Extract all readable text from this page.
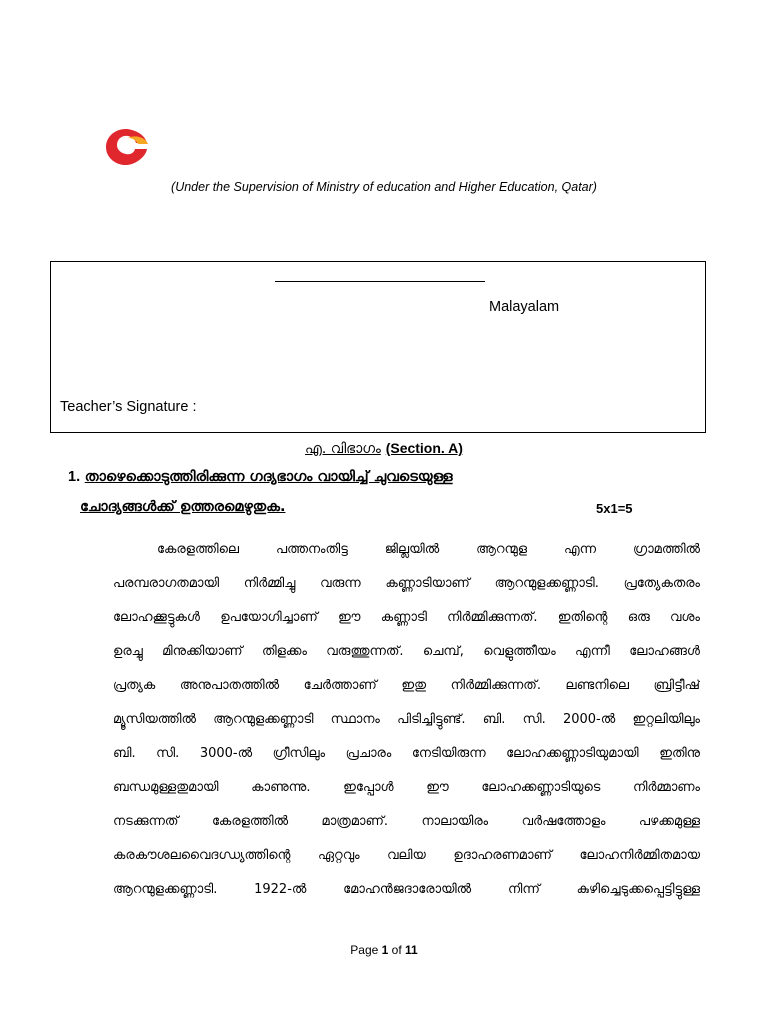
(Under the Supervision of Ministry of education and Higher Education, Qatar)
Malayalam
Teacher’s Signature :
എ. വിഭാഗം (Section. A)
1. താഴെക്കൊടുത്തിരിക്കുന്ന ഗദ്യഭാഗം വായിച്ച് ചുവടെയുള്ള
ചോദ്യങ്ങൾക്ക് ഉത്തരമെഴുതുക.	5x1=5
കേരളത്തിലെ പത്തനംതിട്ട ജില്ലയിൽ ആറന്മുള എന്ന ഗ്രാമത്തിൽ
പരമ്പരാഗതമായി നിർമ്മിച്ചു വരുന്ന കണ്ണാടിയാണ് ആറന്മുളക്കണ്ണാടി. പ്രത്യേകതരം
ലോഹക്കൂട്ടുകൾ ഉപയോഗിച്ചാണ് ഈ കണ്ണാടി നിർമ്മിക്കുന്നത്. ഇതിന്റെ ഒരു വശം
ഉരച്ചു മിനുക്കിയാണ് തിളക്കം വരുത്തുന്നത്. ചെമ്പ്, വെളുത്തീയം എന്നീ ലോഹങ്ങൾ
പ്രത്യക അനുപാതത്തിൽ ചേർത്താണ് ഇതു നിർമ്മിക്കുന്നത്. ലണ്ടനിലെ ബ്രിട്ടീഷ്
മ്യൂസിയത്തിൽ ആറന്മുളക്കണ്ണാടി സ്ഥാനം പിടിച്ചിട്ടുണ്ട്. ബി. സി. 2000-ൽ ഇറ്റലിയിലും
ബി. സി. 3000-ൽ ഗ്രീസിലും പ്രചാരം നേടിയിരുന്ന ലോഹക്കണ്ണാടിയുമായി ഇതിനു
ബന്ധമുള്ളതുമായി കാണുന്നു. ഇപ്പോൾ ഈ ലോഹക്കണ്ണാടിയുടെ നിർമ്മാണം
നടക്കുന്നത് കേരളത്തിൽ മാത്രമാണ്. നാലായിരം വർഷത്തോളം പഴക്കമുള്ള
കരകൗശലവൈദഗ്ധ്യത്തിന്റെ ഏറ്റവും വലിയ ഉദാഹരണമാണ് ലോഹനിർമ്മിതമായ
ആറന്മുളക്കണ്ണാടി. 1922-ൽ മോഹൻജദാരോയിൽ നിന്ന് കുഴിച്ചെടുക്കപ്പെട്ടിട്ടുള്ള
Page 1 of 11
